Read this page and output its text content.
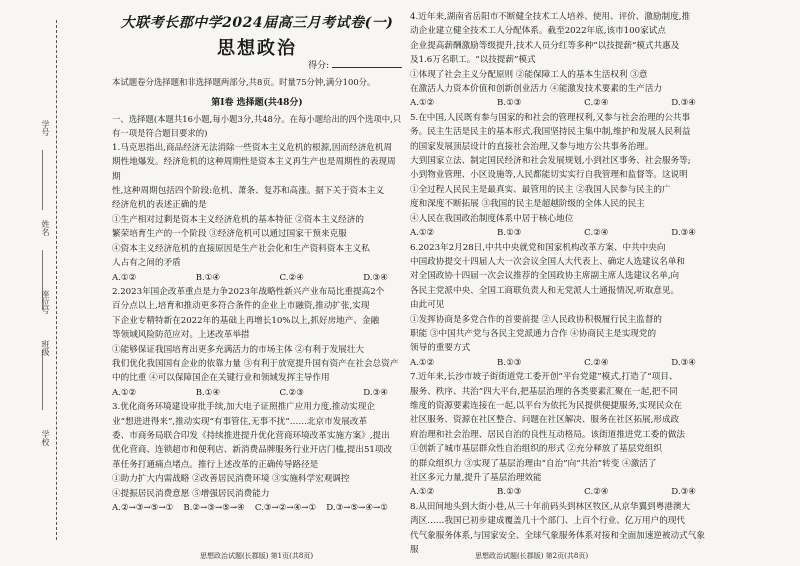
学号
姓名
座位号
班级
学校
大联考长郡中学2024届高三月考试卷(一)
思想政治
得分:

本试题卷分选择题和非选择题两部分,共8页。时量75分钟,满分100分。

第Ⅰ卷 选择题(共48分)

一、选择题(本题共16小题,每小题3分,共48分。在每小题给出的四个选项中,只有一项是符合题目要求的)

1.马克思指出,商品经济无法消除一些资本主义危机的根源,因而经济危机周

期性地爆发。经济危机的这种周期性是资本主义再生产也是周期性的表现周期

性,这种周期包括四个阶段:危机、萧条、复苏和高涨。据下关于资本主义

经济危机的表述正确的是

①生产相对过剩是资本主义经济危机的基本特征 ②资本主义经济的

繁荣培育生产的一个阶段 ③经济危机可以通过国家干预来克服

④资本主义经济危机的直接原因是生产社会化和生产资料资本主义私

人占有之间的矛盾

A.①②	B.①④	C.②④	D.③④

2.2023年国企改革重点是力争2023年战略性新兴产业布局比重提高2个

百分点以上,培育和推动更多符合条件的企业上市融资,推动扩张,实现

下企业专精特新在2022年的基础上再增长10%以上,抓好房地产、金融

等领域风险防范应对。上述改革举措

①能够保证我国培育出更多充满活力的市场主体 ②有利于发展壮大

我们优化我国国有企业的依靠力量 ③有利于放宽提升国有资产在社会总资产

中的比重 ④可以保障国企在关键行业和领域发挥主导作用

A.①②	B.①④	C.②③	D.③④

3.优化商务环境建设审批手续,加大电子证照推广应用力度,推动实现企

业“想进进得来”,推动实现“有事管住,无事不扰”……北京市发展改革

委、市商务局联合印发《持续推进提升优化营商环境改革实施方案》,提出

优化营商、连锁超市和便利店、新消费品牌服务行业开店门槛,提出51项改

革任务打通痛点堵点。推行上述改革的正确传导路径是

①助力扩大内需战略 ②改善居民消费环境 ③实施科学宏观调控

④提振居民消费意愿 ⑤增强居民消费能力

A.②→③→⑤→① B.②→③→⑤→④ C.③→②→④→① D.③→⑤→④→①

4.近年来,湖南省岳阳市不断健全技术工人培养、使用、评价、激励制度,推

动企业建立健全技术工人分配体系。截至2022年底,该市100家试点

企业提高薪酬激励等级提升,技术人员分红等多种“以技提薪”模式共惠及

及1.6万名职工。“以技提薪”模式

①体现了社会主义分配原则 ②能保障工人的基本生活权利 ③意

在激活人力资本价值和创新创业活力 ④能激发技术要素的生产活力

A.①②	B.①③	C.②④	D.③④

5.在中国,人民既有参与国家的和社会的管理权利,又参与社会治理的公共事

务。民主生活是民主的基本形式,我国坚持民主集中制,维护和发展人民利益

的国家发展顶层设计的直接社会治理,又参与地方公共事务治理。

大到国家立法、制定国民经济和社会发展规划,小到社区事务、社会服务等;

小到物业管理、小区设施等,人民都能切实实行自我管理和监督等。这说明

①全过程人民民主是最真实、最管用的民主 ②我国人民参与民主的广

度和深度不断拓展 ③我国的民主是超越阶级的全体人民的民主

④人民在我国政治制度体系中居于核心地位

A.①②	B.①③	C.②④	D.③④

6.2023年2月28日,中共中央就党和国家机构改革方案、中共中央向

中国政协提交十四届人大一次会议全国人大代表上、确定人选建议名单和

对全国政协十四届一次会议推荐的全国政协主席副主席人选建议名单,向

各民主党派中央、全国工商联负责人和无党派人士通报情况,听取意见。

由此可见

①发挥协商是多党合作的首要前提 ②人民政协积极履行民主监督的

职能 ③中国共产党与各民主党派通力合作 ④协商民主是实现党的

领导的重要方式

A.①②	B.①③	C.②④	D.③④

7.近年来,长沙市坡子街街道党工委开创“平台党建”模式,打造了“项目、

服务、秩序、共治”四大平台,把基层治理的各类要素汇聚在一起,把不同

维度的资源要素连接在一起,以平台为依托为民提供便捷服务,实现民众在

社区服务、资源在社区整合、问题在社区解决、服务在社区拓展,形成政

府治理和社会治理、居民自治的良性互动格局。该街道推进党工委的做法

①创新了城市基层群众性自治组织的形式 ②充分释放了基层党组织

的群众组织力 ③实现了基层治理由“自治”向“共治”转变 ④激活了

社区多元力量,提升了基层治理效能

A.①②	B.①③	C.②④	D.③④

8.从田间地头到大街小巷,从三十年前码头到林区牧区,从京华翼到粤港澳大

湾区……我国已初步建成覆盖几十个部门、上百个行业、亿万用户的现代

代气象服务体系,与国家安全、全球气象服务体系对接和全面加速逆被动式气象服

思想政治试题(长郡版) 第1页(共8页)	思想政治试题(长郡版) 第2页(共8页)
